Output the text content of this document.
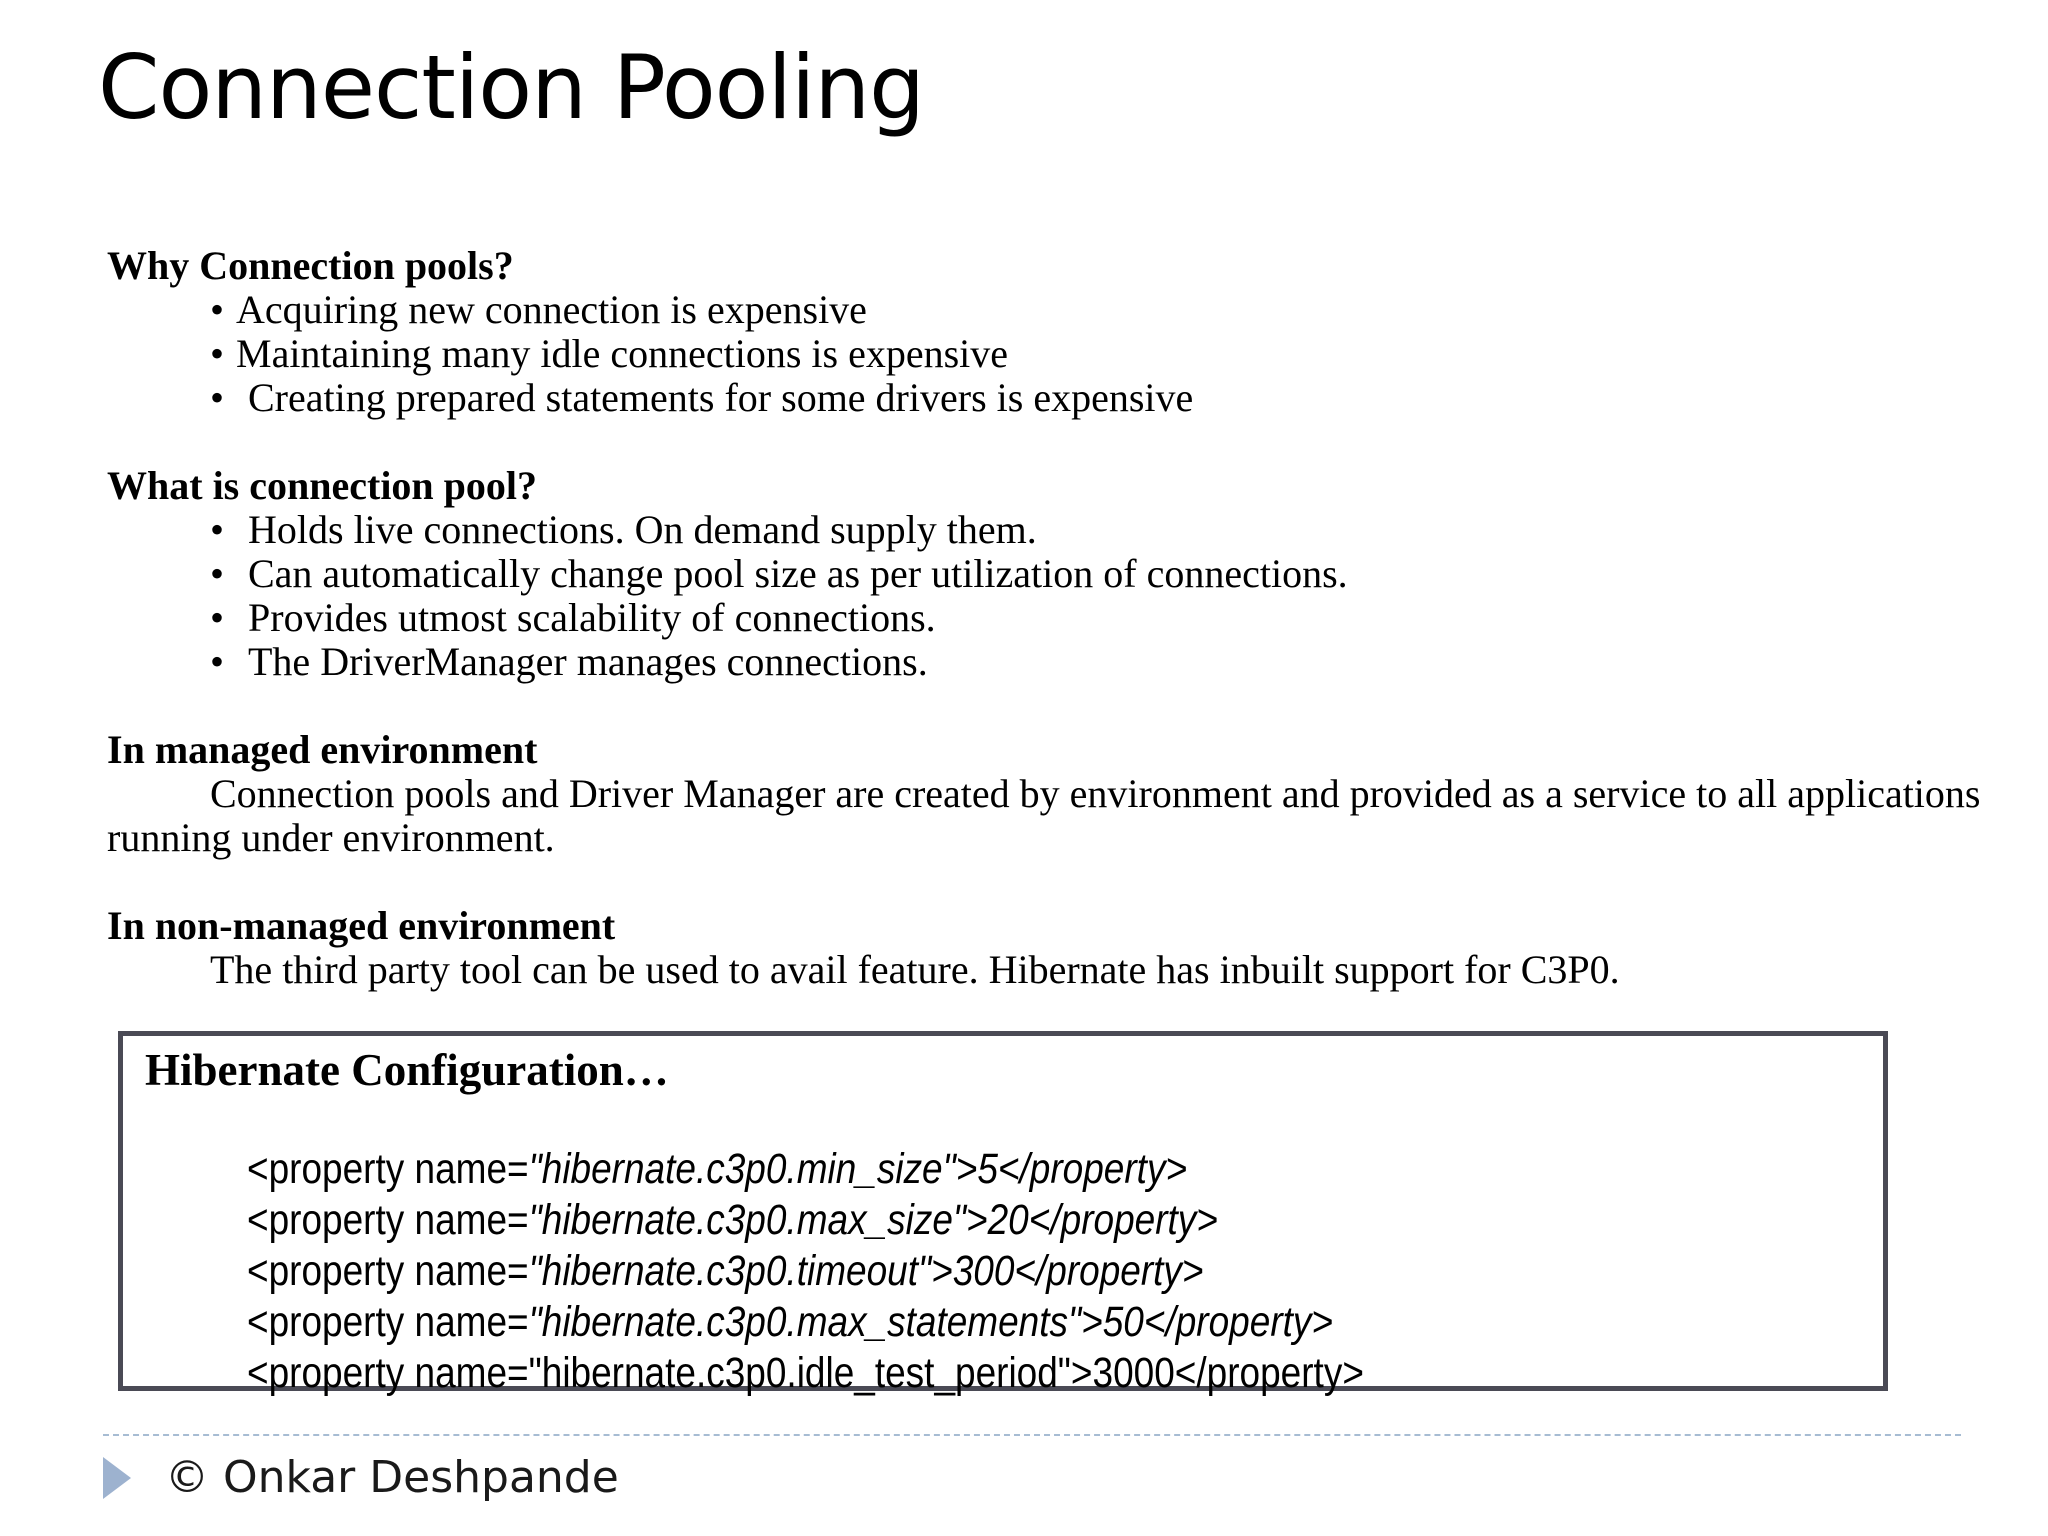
Connection Pooling

Why Connection pools?

• Acquiring new connection is expensive
• Maintaining many idle connections is expensive
• Creating prepared statements for some drivers is expensive

What is connection pool?

• Holds live connections. On demand supply them.
• Can automatically change pool size as per utilization of connections.
• Provides utmost scalability of connections.
• The DriverManager manages connections.

In managed environment

Connection pools and Driver Manager are created by environment and provided as a service to all applications running under environment.

In non-managed environment

The third party tool can be used to avail feature. Hibernate has inbuilt support for C3P0.

Hibernate Configuration…

<property name="hibernate.c3p0.min_size">5</property>
<property name="hibernate.c3p0.max_size">20</property>
<property name="hibernate.c3p0.timeout">300</property>
<property name="hibernate.c3p0.max_statements">50</property>
<property name="hibernate.c3p0.idle_test_period">3000</property>

© Onkar Deshpande
